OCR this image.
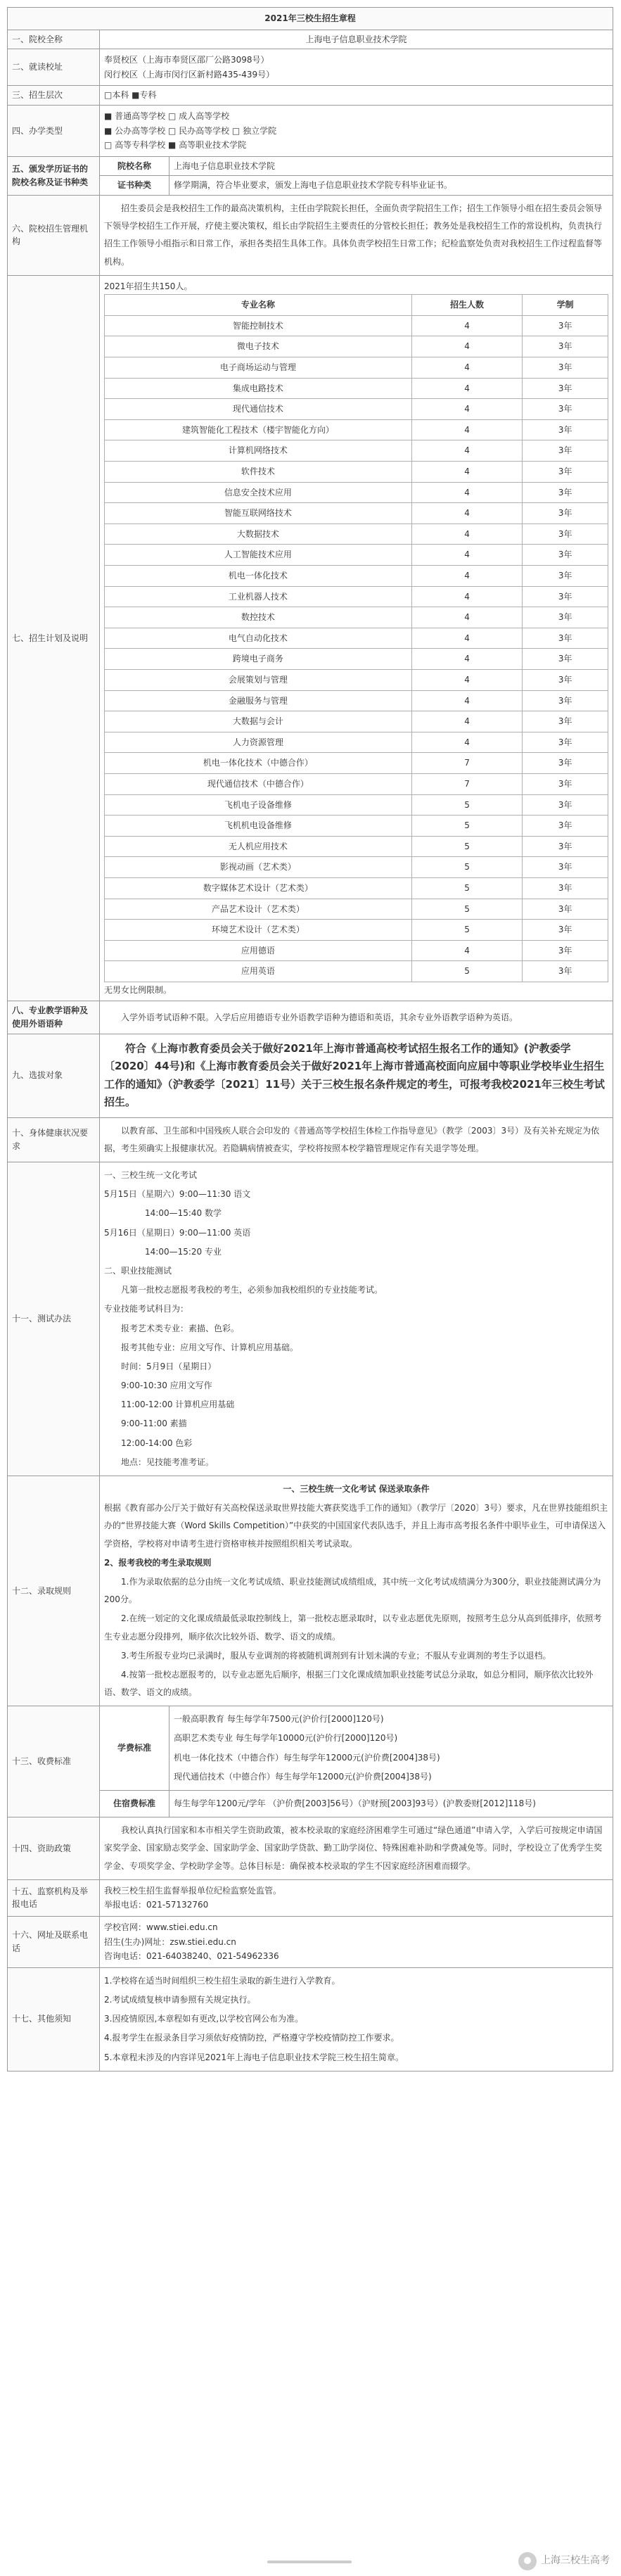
2021年三校生招生章程
一、院校全称	上海电子信息职业技术学院
二、就读校址	
奉贤校区（上海市奉贤区邵厂公路3098号）
闵行校区（上海市闵行区新村路435-439号）

三、招生层次	□本科 ■专科
四、办学类型	
■ 普通高等学校 □ 成人高等学校
■ 公办高等学校 □ 民办高等学校 □ 独立学院
□ 高等专科学校 ■ 高等职业技术学院

五、颁发学历证书的院校名称及证书种类	
院校名称	上海电子信息职业技术学院
证书种类	修学期满，符合毕业要求，颁发上海电子信息职业技术学院专科毕业证书。

六、院校招生管理机构	

招生委员会是我校招生工作的最高决策机构，主任由学院院长担任，全面负责学院招生工作；招生工作领导小组在招生委员会领导下领导学校招生工作开展，疗使主要决策权，组长由学院招生主要责任的分管校长担任；教务处是我校招生工作的常设机构，负责执行招生工作领导小组指示和日常工作，承担各类招生具体工作。具体负责学校招生日常工作；纪检监察处负责对我校招生工作过程监督等机构。

七、招生计划及说明	
2021年招生共150人。
专业名称	招生人数	学制
智能控制技术	4	3年
微电子技术	4	3年
电子商场运动与管理	4	3年
集成电路技术	4	3年
现代通信技术	4	3年
建筑智能化工程技术（楼宇智能化方向）	4	3年
计算机网络技术	4	3年
软件技术	4	3年
信息安全技术应用	4	3年
智能互联网络技术	4	3年
大数据技术	4	3年
人工智能技术应用	4	3年
机电一体化技术	4	3年
工业机器人技术	4	3年
数控技术	4	3年
电气自动化技术	4	3年
跨境电子商务	4	3年
会展策划与管理	4	3年
金融服务与管理	4	3年
大数据与会计	4	3年
人力资源管理	4	3年
机电一体化技术（中德合作）	7	3年
现代通信技术（中德合作）	7	3年
飞机电子设备维修	5	3年
飞机机电设备维修	5	3年
无人机应用技术	5	3年
影视动画（艺术类）	5	3年
数字媒体艺术设计（艺术类）	5	3年
产品艺术设计（艺术类）	5	3年
环境艺术设计（艺术类）	5	3年
应用德语	4	3年
应用英语	5	3年
无男女比例限制。

八、专业教学语种及使用外语语种	

入学外语考试语种不限。入学后应用德语专业外语教学语种为德语和英语，其余专业外语教学语种为英语。

九、选拔对象	

符合《上海市教育委员会关于做好2021年上海市普通高校考试招生报名工作的通知》(沪教委学〔2020〕44号)和《上海市教育委员会关于做好2021年上海市普通高校面向应届中等职业学校毕业生招生工作的通知》（沪教委学〔2021〕11号）关于三校生报名条件规定的考生，可报考我校2021年三校生考试招生。

十、身体健康状况要求	

以教育部、卫生部和中国残疾人联合会印发的《普通高等学校招生体检工作指导意见》（教学〔2003〕3号）及有关补充规定为依据，考生须确实上报健康状况。若隐瞒病情被查实，学校将按照本校学籍管理规定作有关退学等处理。

十一、测试办法	
一、三校生统一文化考试
5月15日（星期六）9:00—11:30 语文
14:00—15:40 数学
5月16日（星期日）9:00—11:00 英语
14:00—15:20 专业
二、职业技能测试
凡第一批校志愿报考我校的考生，必须参加我校组织的专业技能考试。
专业技能考试科目为：
报考艺术类专业：素描、色彩。
报考其他专业：应用文写作、计算机应用基础。
时间：5月9日（星期日）
9:00-10:30 应用文写作
11:00-12:00 计算机应用基础
9:00-11:00 素描
12:00-14:00 色彩
地点：见技能考准考证。

十二、录取规则	
一、三校生统一文化考试 保送录取条件
根据《教育部办公厅关于做好有关高校保送录取世界技能大赛获奖选手工作的通知》（教学厅〔2020〕3号）要求，凡在世界技能组织主办的“世界技能大赛（Word Skills Competition）”中获奖的中国国家代表队选手，并且上海市高考报名条件中职毕业生，可申请保送入学资格，学校将对申请考生进行资格审核并按照组织相关考试录取。
2、报考我校的考生录取规则
1.作为录取依据的总分由统一文化考试成绩、职业技能测试成绩组成，其中统一文化考试成绩满分为300分，职业技能测试满分为200分。
2.在统一划定的文化课成绩最低录取控制线上，第一批校志愿录取时，以专业志愿优先原则，按照考生总分从高到低排序，依照考生专业志愿分段排列，顺序依次比较外语、数学、语文的成绩。
3.考生所报专业均已录满时，服从专业调剂的将被随机调剂到有计划未满的专业；不服从专业调剂的考生予以退档。
4.按第一批校志愿报考的，以专业志愿先后顺序，根据三门文化课成绩加职业技能考试总分录取，如总分相同，顺序依次比较外语、数学、语文的成绩。

十三、收费标准	
学费标准
一般高职教育 每生每学年7500元(沪价行[2000]120号)
高职艺术类专业 每生每学年10000元(沪价行[2000]120号)
机电一体化技术（中德合作）每生每学年12000元(沪价费[2004]38号)
现代通信技术（中德合作）每生每学年12000元(沪价费[2004]38号)
住宿费标准	每生每学年1200元/学年 （沪价费[2003]56号）（沪财预[2003]93号）(沪教委财[2012]118号)

十四、资助政策	

我校认真执行国家和本市相关学生资助政策，被本校录取的家庭经济困难学生可通过“绿色通道”申请入学，入学后可按规定申请国家奖学金、国家励志奖学金、国家助学金、国家助学贷款、勤工助学岗位、特殊困难补助和学费减免等。同时，学校设立了优秀学生奖学金、专项奖学金、学校助学金等。总体目标是：确保被本校录取的学生不因家庭经济困难而辍学。

十五、监察机构及举报电话	
我校三校生招生监督举报单位纪检监察处监管。
举报电话：021-57132760

十六、网址及联系电话	
学校官网：www.stiei.edu.cn
招生(生办)网址：zsw.stiei.edu.cn
咨询电话：021-64038240、021-54962336

十七、其他须知	
1.学校将在适当时间组织三校生招生录取的新生进行入学教育。
2.考试成绩复核申请参照有关规定执行。
3.因疫情原因,本章程如有更改,以学校官网公布为准。
4.报考学生在报录条目学习须依好疫情防控，严格遵守学校疫情防控工作要求。
5.本章程未涉及的内容详见2021年上海电子信息职业技术学院三校生招生简章。
上海三校生高考
